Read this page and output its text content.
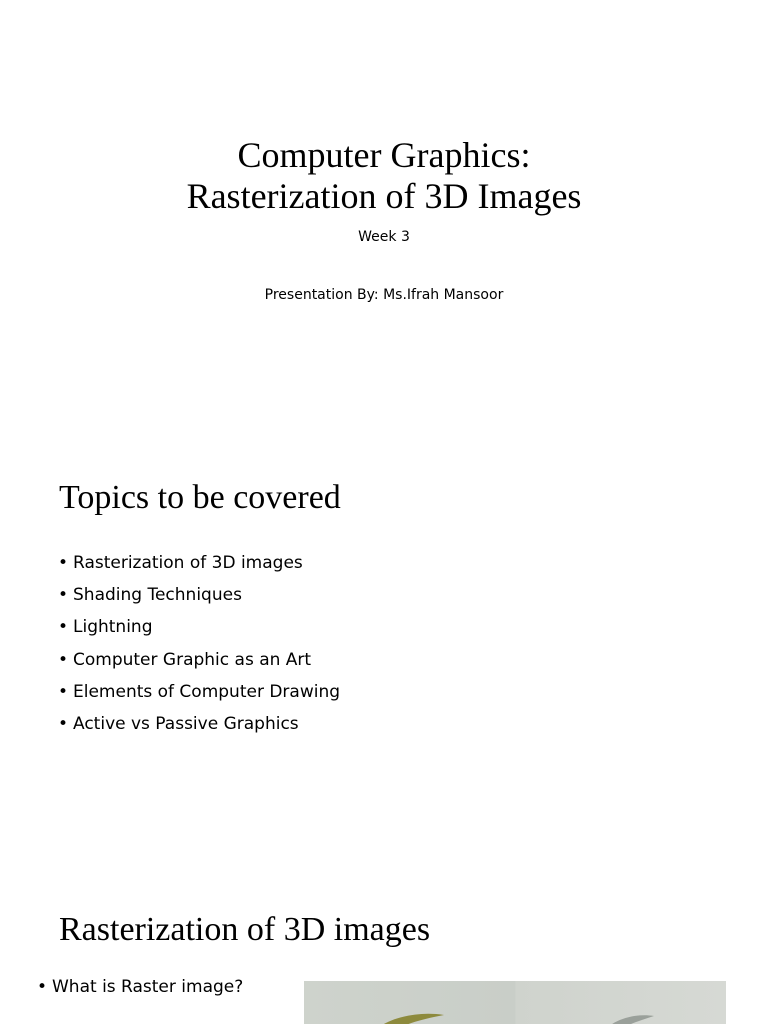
Computer Graphics:
Rasterization of 3D Images
Week 3
Presentation By: Ms.Ifrah Mansoor
Topics to be covered
• Rasterization of 3D images
• Shading Techniques
• Lightning
• Computer Graphic as an Art
• Elements of Computer Drawing
• Active vs Passive Graphics
Rasterization of 3D images
• What is Raster image?
